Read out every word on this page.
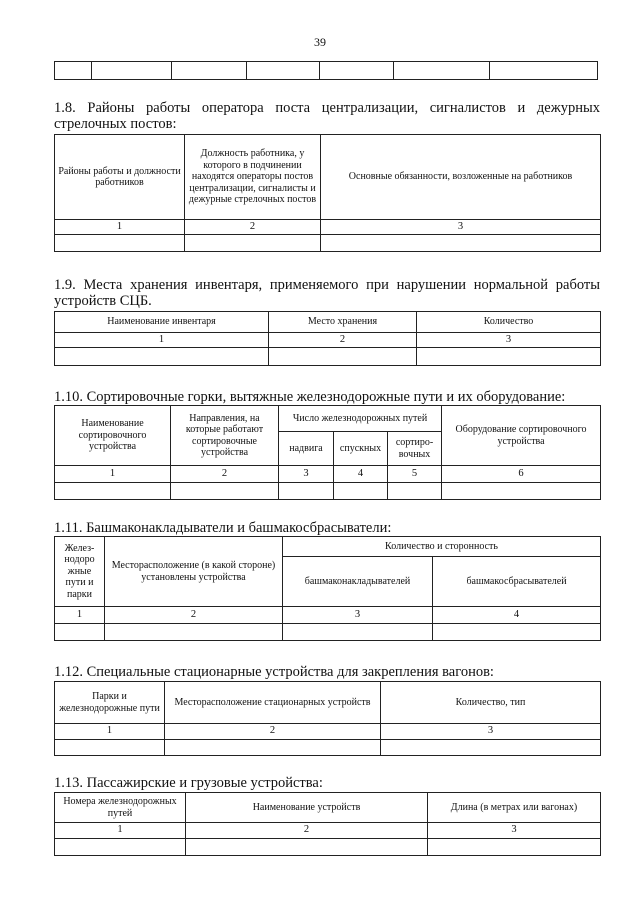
39

1.8. Районы работы оператора поста централизации, сигналистов и дежурных стрелочных постов:
Районы работы и должности работников	Должность работника, у которого в подчинении находятся операторы постов централизации, сигналисты и дежурные стрелочных постов	Основные обязанности, возложенные на работников
1	2	3

1.9. Места хранения инвентаря, применяемого при нарушении нормальной работы устройств СЦБ.
Наименование инвентаря	Место хранения	Количество
1	2	3

1.10. Сортировочные горки, вытяжные железнодорожные пути и их оборудование:
Наименование сортировочного устройства	Направления, на которые работают сортировочные устройства	Число железнодорожных путей			Оборудование сортировочного устройства
		надвига	спускных	сортиро-вочных	
1	2	3	4	5	6

1.11. Башмаконакладыватели и башмакосбрасыватели:
Желез-нодоро жные пути и парки	Месторасположение (в какой стороне) установлены устройства	Количество и сторонность	
		башмаконакладывателей	башмакосбрасывателей
1	2	3	4

1.12. Специальные стационарные устройства для закрепления вагонов:
Парки и железнодорожные пути	Месторасположение стационарных устройств	Количество, тип
1	2	3

1.13. Пассажирские и грузовые устройства:
Номера железнодорожных путей	Наименование устройств	Длина (в метрах или вагонах)
1	2	3
